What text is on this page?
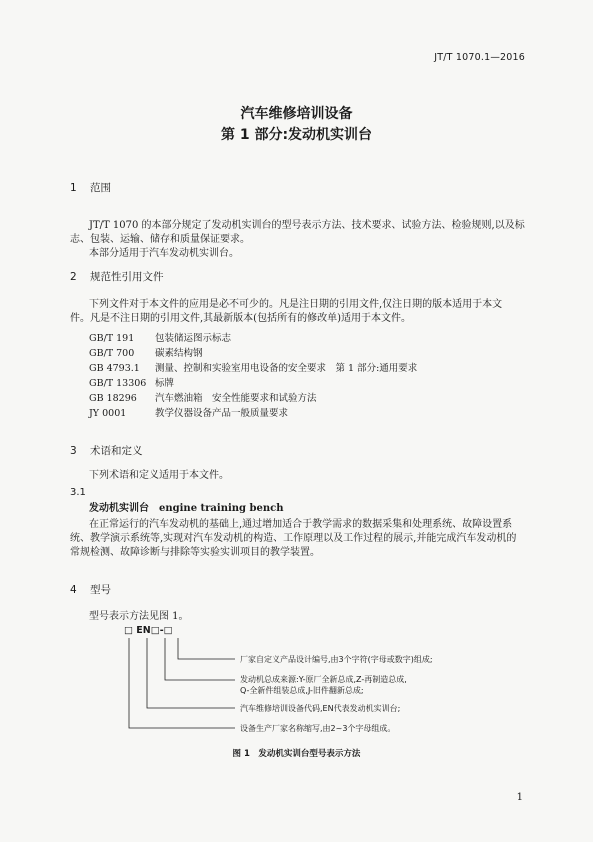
JT/T 1070.1—2016
汽车维修培训设备
第 1 部分:发动机实训台
1 范围
JT/T 1070 的本部分规定了发动机实训台的型号表示方法、技术要求、试验方法、检验规则,以及标
志、包装、运输、储存和质量保证要求。
本部分适用于汽车发动机实训台。
2 规范性引用文件
下列文件对于本文件的应用是必不可少的。凡是注日期的引用文件,仅注日期的版本适用于本文
件。凡是不注日期的引用文件,其最新版本(包括所有的修改单)适用于本文件。
GB/T 191 包装储运图示标志
GB/T 700 碳素结构钢
GB 4793.1 测量、控制和实验室用电设备的安全要求　第 1 部分:通用要求
GB/T 13306 标牌
GB 18296 汽车燃油箱　安全性能要求和试验方法
JY 0001	教学仪器设备产品一般质量要求
3 术语和定义
下列术语和定义适用于本文件。
3.1
发动机实训台 engine training bench
在正常运行的汽车发动机的基础上,通过增加适合于教学需求的数据采集和处理系统、故障设置系
统、教学演示系统等,实现对汽车发动机的构造、工作原理以及工作过程的展示,并能完成汽车发动机的
常规检测、故障诊断与排除等实验实训项目的教学装置。
4 型号
型号表示方法见图 1。
□ EN□-□
厂家自定义产品设计编号,由3个字符(字母或数字)组成;
发动机总成来源:Y-原厂全新总成,Z-再制造总成,
Q-全新件组装总成,J-旧件翻新总成;
汽车维修培训设备代码,EN代表发动机实训台;
设备生产厂家名称缩写,由2~3个字母组成。
图 1　发动机实训台型号表示方法
1
